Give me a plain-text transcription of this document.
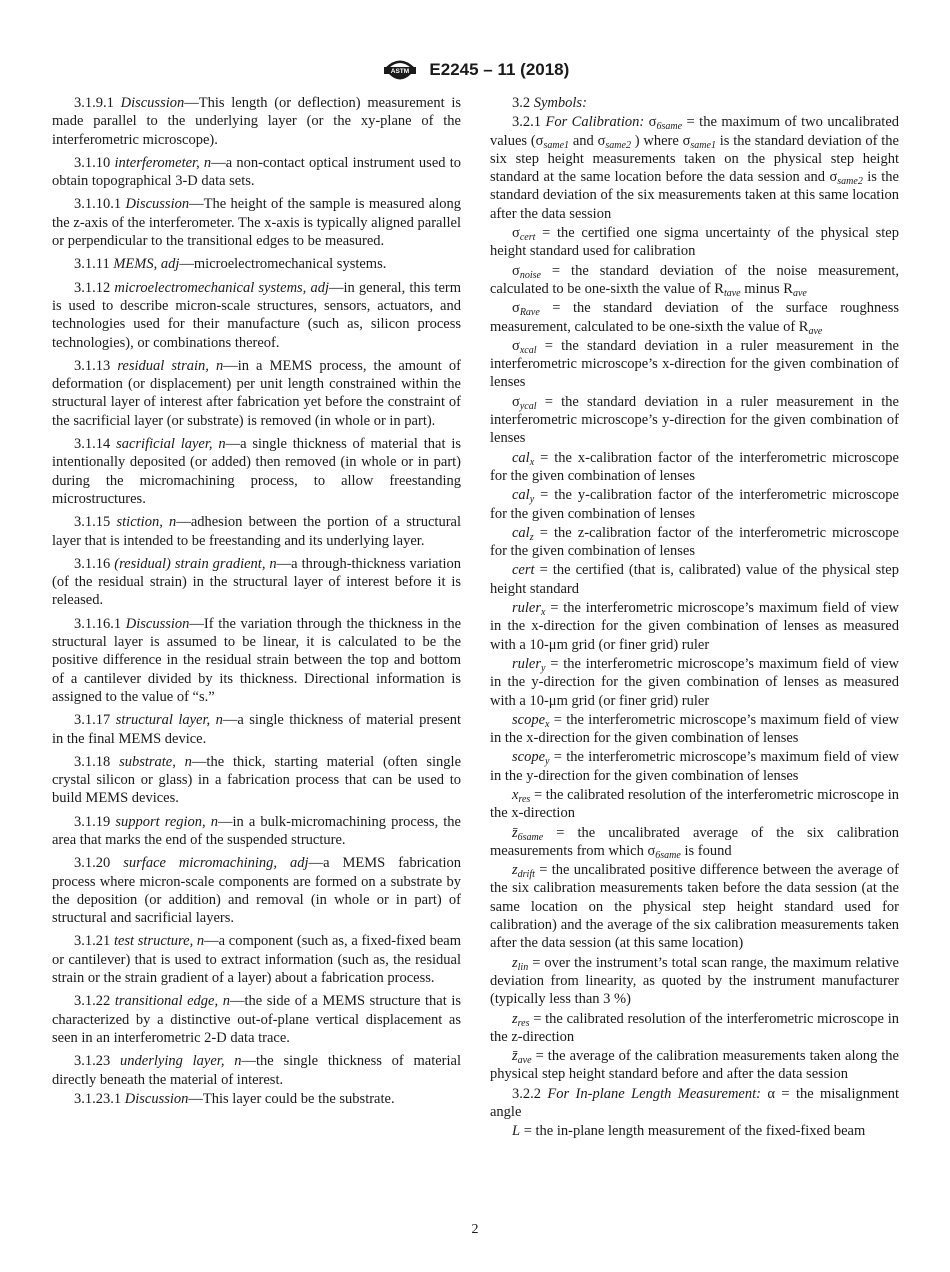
ASTM E2245 – 11 (2018)

3.1.9.1 Discussion—This length (or deflection) measurement is made parallel to the underlying layer (or the xy-plane of the interferometric microscope).

3.1.10 interferometer, n—a non-contact optical instrument used to obtain topographical 3-D data sets.

3.1.10.1 Discussion—The height of the sample is measured along the z-axis of the interferometer. The x-axis is typically aligned parallel or perpendicular to the transitional edges to be measured.

3.1.11 MEMS, adj—microelectromechanical systems.

3.1.12 microelectromechanical systems, adj—in general, this term is used to describe micron-scale structures, sensors, actuators, and technologies used for their manufacture (such as, silicon process technologies), or combinations thereof.

3.1.13 residual strain, n—in a MEMS process, the amount of deformation (or displacement) per unit length constrained within the structural layer of interest after fabrication yet before the constraint of the sacrificial layer (or substrate) is removed (in whole or in part).

3.1.14 sacrificial layer, n—a single thickness of material that is intentionally deposited (or added) then removed (in whole or in part) during the micromachining process, to allow freestanding microstructures.

3.1.15 stiction, n—adhesion between the portion of a structural layer that is intended to be freestanding and its underlying layer.

3.1.16 (residual) strain gradient, n—a through-thickness variation (of the residual strain) in the structural layer of interest before it is released.

3.1.16.1 Discussion—If the variation through the thickness in the structural layer is assumed to be linear, it is calculated to be the positive difference in the residual strain between the top and bottom of a cantilever divided by its thickness. Directional information is assigned to the value of “s.”

3.1.17 structural layer, n—a single thickness of material present in the final MEMS device.

3.1.18 substrate, n—the thick, starting material (often single crystal silicon or glass) in a fabrication process that can be used to build MEMS devices.

3.1.19 support region, n—in a bulk-micromachining process, the area that marks the end of the suspended structure.

3.1.20 surface micromachining, adj—a MEMS fabrication process where micron-scale components are formed on a substrate by the deposition (or addition) and removal (in whole or in part) of structural and sacrificial layers.

3.1.21 test structure, n—a component (such as, a fixed-fixed beam or cantilever) that is used to extract information (such as, the residual strain or the strain gradient of a layer) about a fabrication process.

3.1.22 transitional edge, n—the side of a MEMS structure that is characterized by a distinctive out-of-plane vertical displacement as seen in an interferometric 2-D data trace.

3.1.23 underlying layer, n—the single thickness of material directly beneath the material of interest.

3.1.23.1 Discussion—This layer could be the substrate.

3.2 Symbols:

3.2.1 For Calibration: $\sigma_{6same}$ = the maximum of two uncalibrated values ($\sigma_{same1}$ and $\sigma_{same2}$ ) where $\sigma_{same1}$ is the standard deviation of the six step height measurements taken on the physical step height standard at the same location before the data session and $\sigma_{same2}$ is the standard deviation of the six measurements taken at this same location after the data session

$\sigma_{cert}$ = the certified one sigma uncertainty of the physical step height standard used for calibration

$\sigma_{noise}$ = the standard deviation of the noise measurement, calculated to be one-sixth the value of $R_{tave}$ minus $R_{ave}$

$\sigma_{Rave}$ = the standard deviation of the surface roughness measurement, calculated to be one-sixth the value of $R_{ave}$

$\sigma_{xcal}$ = the standard deviation in a ruler measurement in the interferometric microscope’s x-direction for the given combination of lenses

$\sigma_{ycal}$ = the standard deviation in a ruler measurement in the interferometric microscope’s y-direction for the given combination of lenses

cal$_x$ = the x-calibration factor of the interferometric microscope for the given combination of lenses

cal$_y$ = the y-calibration factor of the interferometric microscope for the given combination of lenses

cal$_z$ = the z-calibration factor of the interferometric microscope for the given combination of lenses

cert = the certified (that is, calibrated) value of the physical step height standard

ruler$_x$ = the interferometric microscope’s maximum field of view in the x-direction for the given combination of lenses as measured with a 10-μm grid (or finer grid) ruler

ruler$_y$ = the interferometric microscope’s maximum field of view in the y-direction for the given combination of lenses as measured with a 10-μm grid (or finer grid) ruler

scope$_x$ = the interferometric microscope’s maximum field of view in the x-direction for the given combination of lenses

scope$_y$ = the interferometric microscope’s maximum field of view in the y-direction for the given combination of lenses

$x_{res}$ = the calibrated resolution of the interferometric microscope in the x-direction

$z̄_{6same}$ = the uncalibrated average of the six calibration measurements from which $\sigma_{6same}$ is found

$z_{drift}$ = the uncalibrated positive difference between the average of the six calibration measurements taken before the data session (at the same location on the physical step height standard used for calibration) and the average of the six calibration measurements taken after the data session (at this same location)

$z_{lin}$ = over the instrument’s total scan range, the maximum relative deviation from linearity, as quoted by the instrument manufacturer (typically less than 3 %)

$z_{res}$ = the calibrated resolution of the interferometric microscope in the z-direction

$z̄_{ave}$ = the average of the calibration measurements taken along the physical step height standard before and after the data session

3.2.2 For In-plane Length Measurement: α = the misalignment angle

L = the in-plane length measurement of the fixed-fixed beam

2
